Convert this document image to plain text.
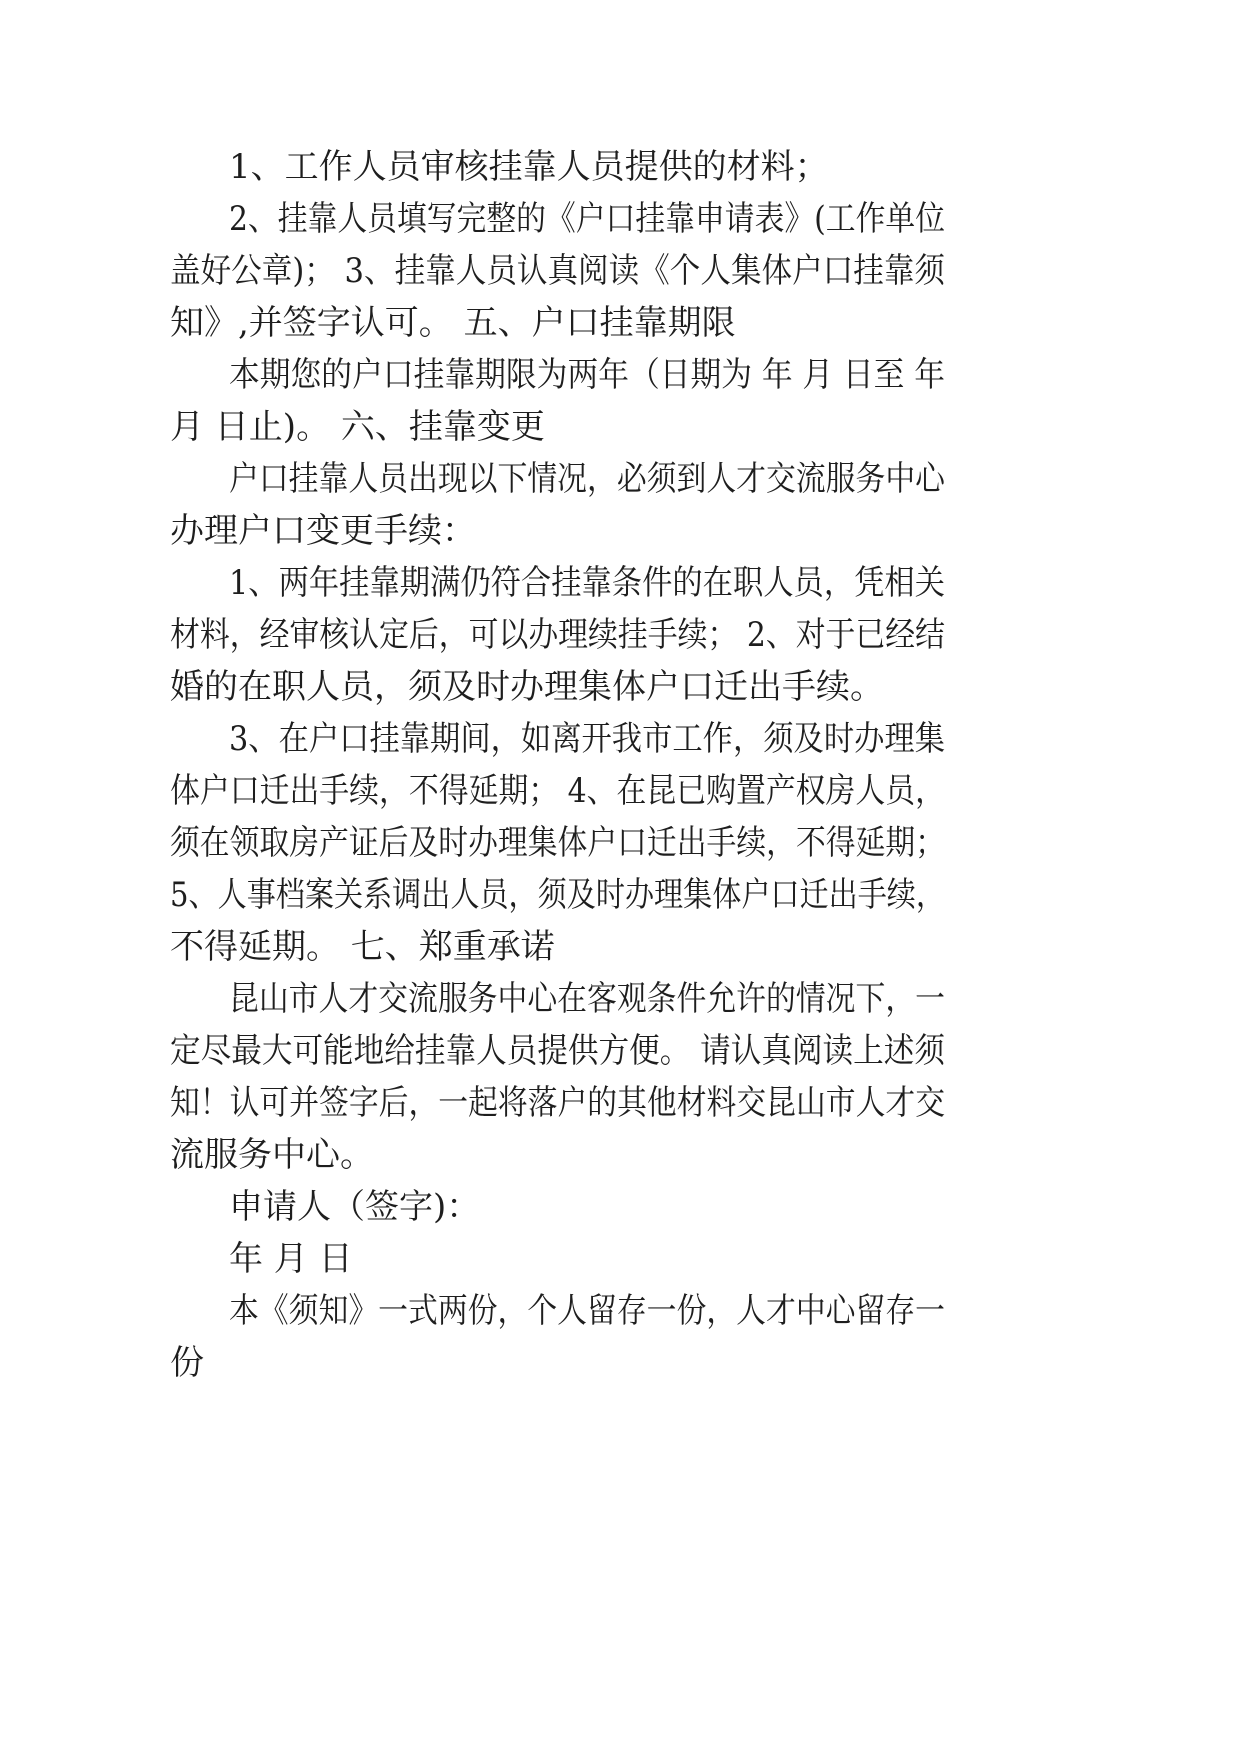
1、工作人员审核挂靠人员提供的材料；

2、挂靠人员填写完整的《户口挂靠申请表》(工作单位

盖好公章)； 3、挂靠人员认真阅读《个人集体户口挂靠须

知》,并签字认可。 五、户口挂靠期限

本期您的户口挂靠期限为两年（日期为 年 月 日至 年

月 日止)。 六、挂靠变更

户口挂靠人员出现以下情况，必须到人才交流服务中心

办理户口变更手续：

1、两年挂靠期满仍符合挂靠条件的在职人员，凭相关

材料，经审核认定后，可以办理续挂手续； 2、对于已经结

婚的在职人员，须及时办理集体户口迁出手续。

3、在户口挂靠期间，如离开我市工作，须及时办理集

体户口迁出手续，不得延期； 4、在昆已购置产权房人员，

须在领取房产证后及时办理集体户口迁出手续，不得延期；

5、人事档案关系调出人员，须及时办理集体户口迁出手续，

不得延期。 七、郑重承诺

昆山市人才交流服务中心在客观条件允许的情况下，一

定尽最大可能地给挂靠人员提供方便。 请认真阅读上述须

知！认可并签字后，一起将落户的其他材料交昆山市人才交

流服务中心。

申请人（签字)：

年 月 日

本《须知》一式两份，个人留存一份，人才中心留存一

份
